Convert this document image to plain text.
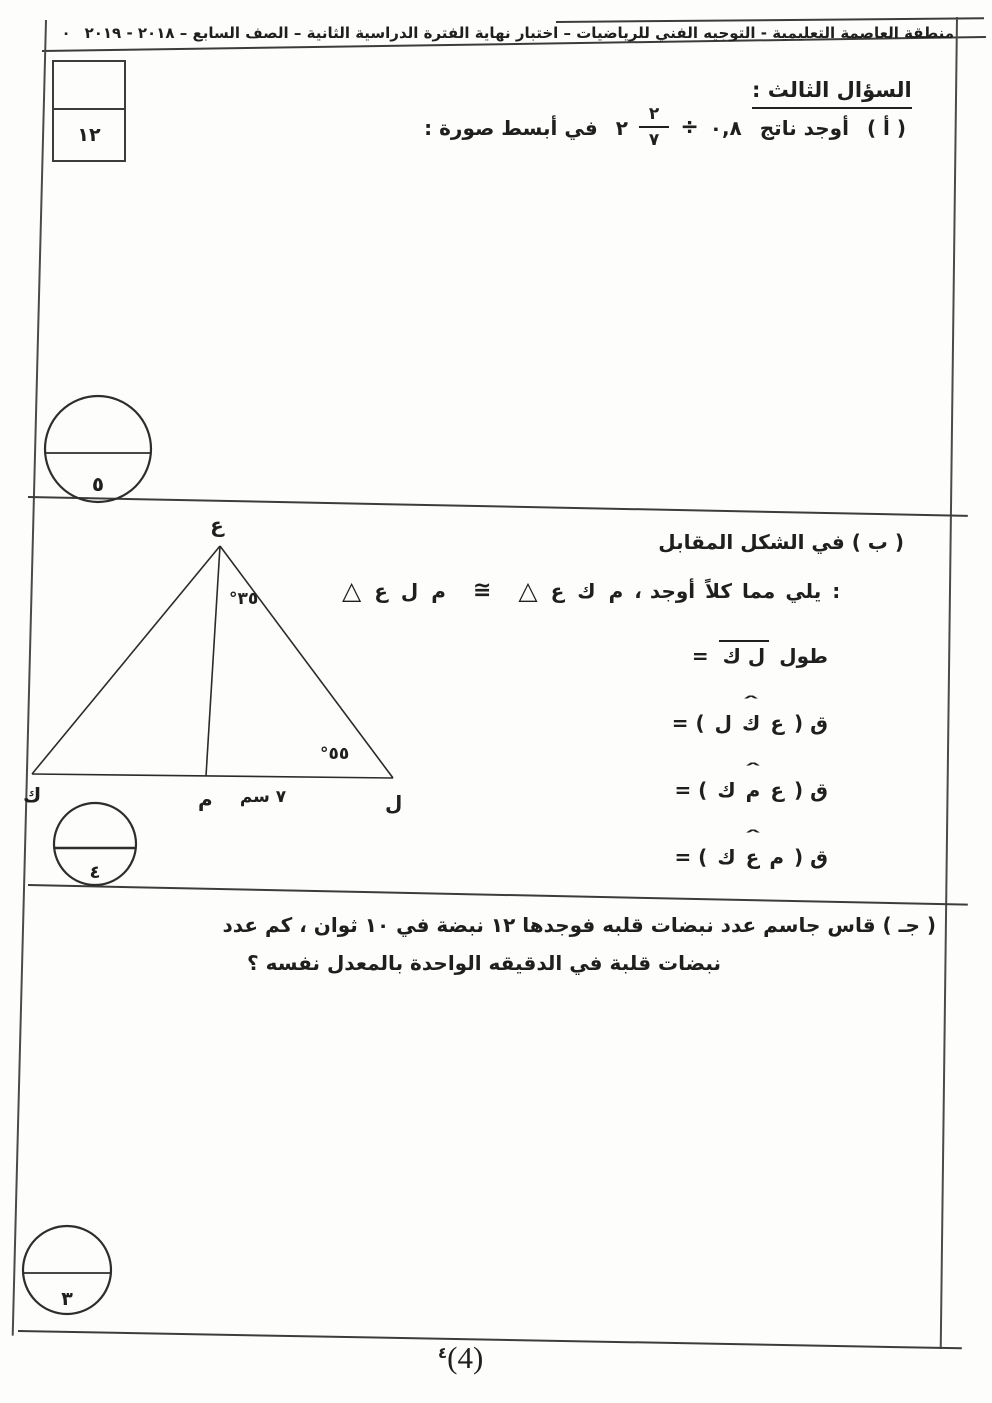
منطقة العاصمة التعليمية - التوجيه الفني للرياضيات – اختبار نهاية الفترة الدراسية الثانية – الصف السابع – ٢٠١٨ - ٢٠١٩
٠
١٢
السؤال الثالث :
( أ )
أوجد ناتج
٢ $\frac{٢}{٧}$ ÷ ٠,٨
في أبسط صورة :
٥
( ب ) في الشكل المقابل
△ ع ل م ≅ △ ع ك م ، أوجد كلاً مما يلي :
طول
ل ك
=
ق (
ع
ˆ ك
ل
) =
ق (
ع
ˆ م
ك
) =
ق (
م
ˆ ع
ك
) =
ع
ك	م	ل
٧ سم
°٣٥
°٥٥
٤
( جـ ) قاس جاسم عدد نبضات قلبه فوجدها ١٢ نبضة في ١٠ ثوان ، كم عدد
نبضات قلبة في الدقيقه الواحدة بالمعدل نفسه ؟
٣
٤ (4)
